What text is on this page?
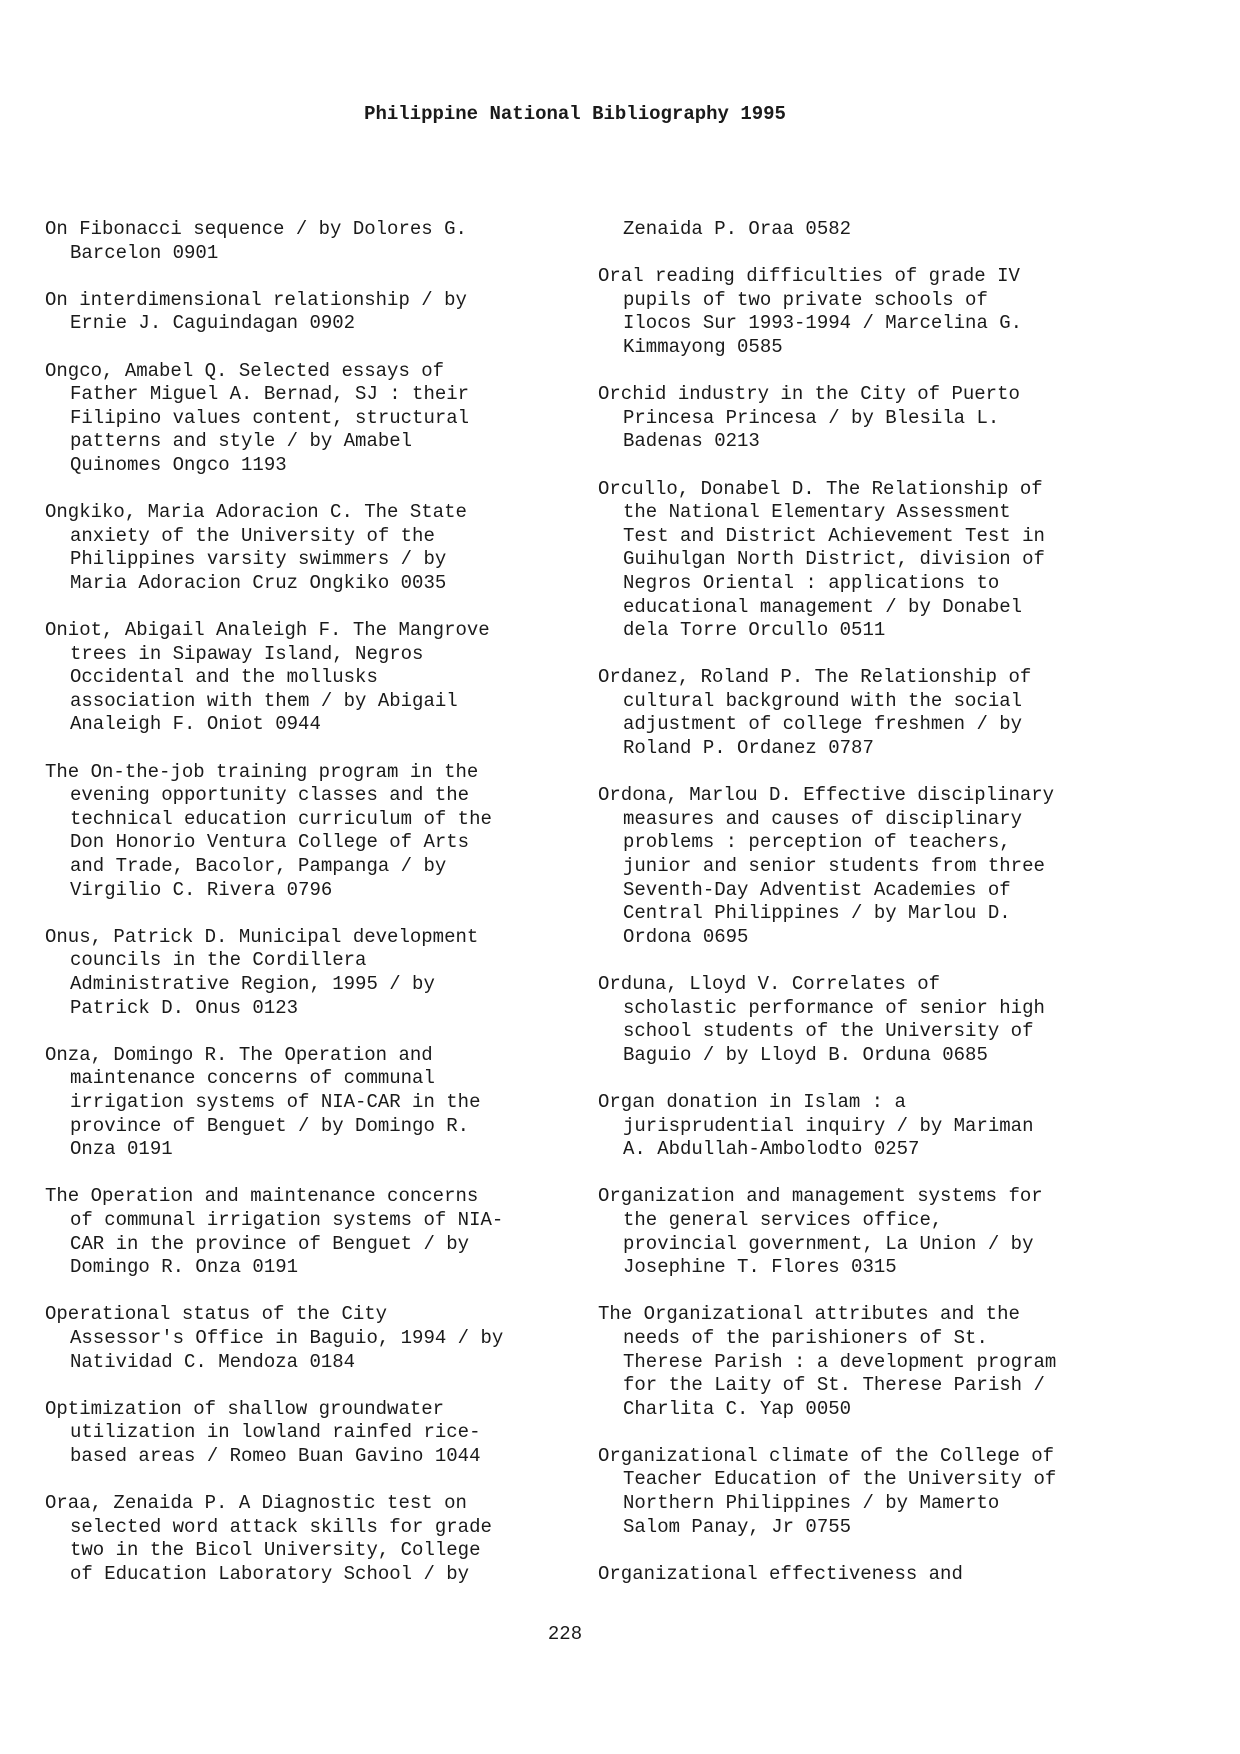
Philippine National Bibliography 1995
On Fibonacci sequence / by Dolores G.
Barcelon 0901
On interdimensional relationship / by
Ernie J. Caguindagan 0902
Ongco, Amabel Q. Selected essays of
Father Miguel A. Bernad, SJ : their
Filipino values content, structural
patterns and style / by Amabel
Quinomes Ongco 1193
Ongkiko, Maria Adoracion C. The State
anxiety of the University of the
Philippines varsity swimmers / by
Maria Adoracion Cruz Ongkiko 0035
Oniot, Abigail Analeigh F. The Mangrove
trees in Sipaway Island, Negros
Occidental and the mollusks
association with them / by Abigail
Analeigh F. Oniot 0944
The On-the-job training program in the
evening opportunity classes and the
technical education curriculum of the
Don Honorio Ventura College of Arts
and Trade, Bacolor, Pampanga / by
Virgilio C. Rivera 0796
Onus, Patrick D. Municipal development
councils in the Cordillera
Administrative Region, 1995 / by
Patrick D. Onus 0123
Onza, Domingo R. The Operation and
maintenance concerns of communal
irrigation systems of NIA-CAR in the
province of Benguet / by Domingo R.
Onza 0191
The Operation and maintenance concerns
of communal irrigation systems of NIA-
CAR in the province of Benguet / by
Domingo R. Onza 0191
Operational status of the City
Assessor's Office in Baguio, 1994 / by
Natividad C. Mendoza 0184
Optimization of shallow groundwater
utilization in lowland rainfed rice-
based areas / Romeo Buan Gavino 1044
Oraa, Zenaida P. A Diagnostic test on
selected word attack skills for grade
two in the Bicol University, College
of Education Laboratory School / by
Zenaida P. Oraa 0582
Oral reading difficulties of grade IV
pupils of two private schools of
Ilocos Sur 1993-1994 / Marcelina G.
Kimmayong 0585
Orchid industry in the City of Puerto
Princesa Princesa / by Blesila L.
Badenas 0213
Orcullo, Donabel D. The Relationship of
the National Elementary Assessment
Test and District Achievement Test in
Guihulgan North District, division of
Negros Oriental : applications to
educational management / by Donabel
dela Torre Orcullo 0511
Ordanez, Roland P. The Relationship of
cultural background with the social
adjustment of college freshmen / by
Roland P. Ordanez 0787
Ordona, Marlou D. Effective disciplinary
measures and causes of disciplinary
problems : perception of teachers,
junior and senior students from three
Seventh-Day Adventist Academies of
Central Philippines / by Marlou D.
Ordona 0695
Orduna, Lloyd V. Correlates of
scholastic performance of senior high
school students of the University of
Baguio / by Lloyd B. Orduna 0685
Organ donation in Islam : a
jurisprudential inquiry / by Mariman
A. Abdullah-Ambolodto 0257
Organization and management systems for
the general services office,
provincial government, La Union / by
Josephine T. Flores 0315
The Organizational attributes and the
needs of the parishioners of St.
Therese Parish : a development program
for the Laity of St. Therese Parish /
Charlita C. Yap 0050
Organizational climate of the College of
Teacher Education of the University of
Northern Philippines / by Mamerto
Salom Panay, Jr 0755
Organizational effectiveness and
228
